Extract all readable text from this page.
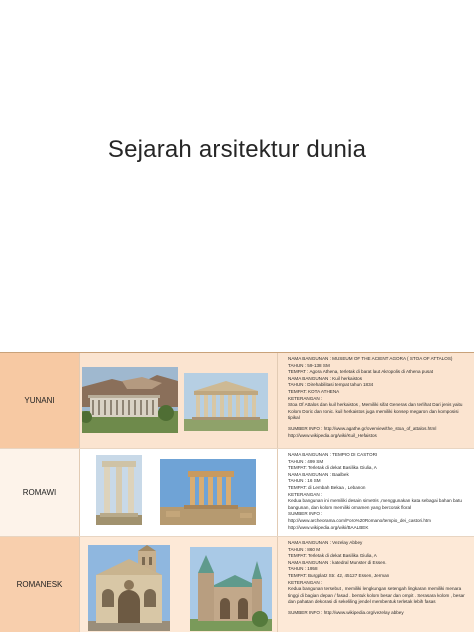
Sejarah arsitektur dunia
YUNANI
NAMA BANGUNAN : MUSEUM OF THE ACIENT AGORA ( STOA OF ATTALOS)
TAHUN : 59-138 SM
TEMPAT : Agora Athena, terletak di barat laut Akropolis di Athena pusat
NAMA BANGUNAN : Kuil herkaistos
TAHUN : Direhabilitasi tempat tahun 1834
TEMPAT: KOTA ATHENA
KETERANGAN :
Stoa Of Attalos dan kuil herkaistos , Memiliki sifat Generas dan terlihat Dari jenis yaitu Kolom Doric dan Ionic. kuil herkaistos juga memiliki konsep megaron dan komposisi tipikal
SUMBER INFO : http://www.agathe.gr/overview/the_stoa_of_attalos.html
http://www.wikipedia.org/wiki/Kuil_Hefaistos
ROMAWI
NAMA BANGUNAN : TEMPIO DI CASTORI
TAHUN : 499 SM
TEMPAT: Terletak di dekat Basilika Giulia, A
NAMA BANGUNAN : Baalbek
TAHUN : 16 SM
TEMPAT: di Lembah Bekaa , Lebanon
KETERANGAN :
Kedua bangunan ini memiliki desain simetris ,menggunakan kata sebagai bahan batu bangunan, dan kolom memiliki ornamen yang bercorak floral
SUMBER INFO :
http://www.archeorama.com/Foro%20Romano/tempio_dei_castori.htm
http://www.wikipedia.org/wiki/BAALBEK
ROMANESK
NAMA BANGUNAN : Vezelay Abbey
TAHUN : 860 M
TEMPAT: Terletak di dekat Basilika Giulia, A
NAMA BANGUNAN : katedral Munster di Essen.
TAHUN : 1958
TEMPAT: Burgplatz Str. 42, 45127 Essen, Jerman
KETERANGAN :
Kedua bangunan tersebut , memiliki lengkungan setengah lingkaran memiliki menara tinggi di bagian depan / fasad . bentuk kolom besar dan ompit . Serasara kolom , besar dan pahatan dekorasi di sekeliling jendel membentuk terletak lebih fasas
SUMBER INFO : http://www.wikipedia.org/vezelay abbey
